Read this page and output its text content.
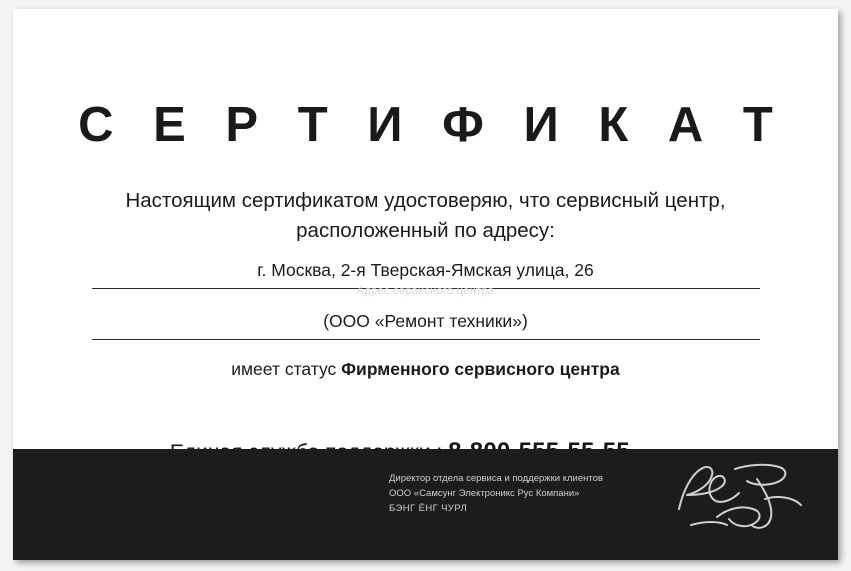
С Е Р Т И Ф И К А Т
Настоящим сертификатом удостоверяю, что сервисный центр,
расположенный по адресу:
г. Москва, 2-я Тверская-Ямская улица, 26
Адрес сервисного центра
(ООО «Ремонт техники»)
имеет статус Фирменного сервисного центра
Директор отдела сервиса и поддержки клиентов
ООО «Самсунг Электроникс Рус Компани»
БЭНГ ЁНГ ЧУРЛ
